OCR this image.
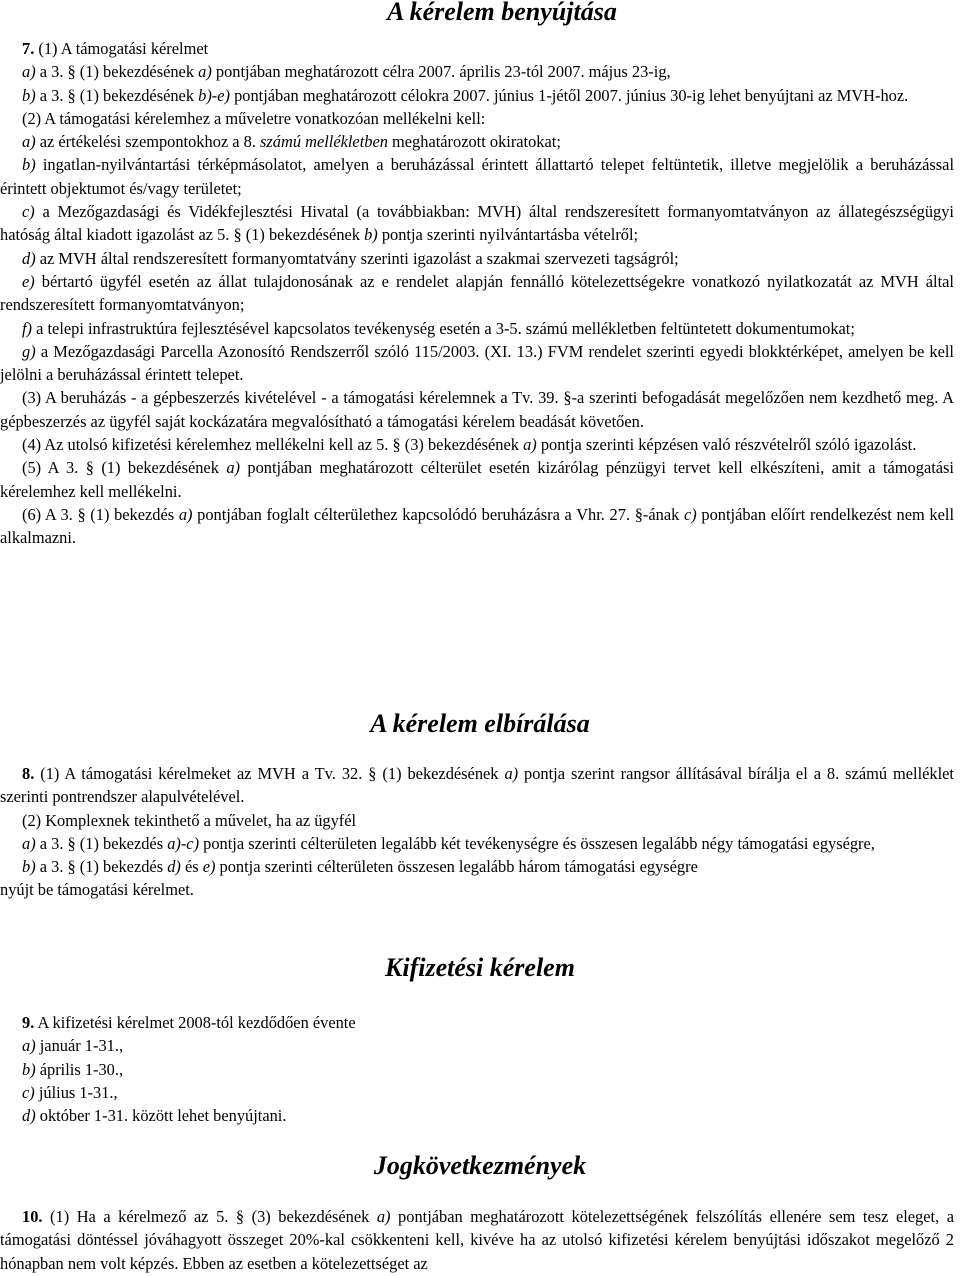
A kérelem benyújtása

7. (1) A támogatási kérelmet

a) a 3. § (1) bekezdésének a) pontjában meghatározott célra 2007. április 23-tól 2007. május 23-ig,

b) a 3. § (1) bekezdésének b)-e) pontjában meghatározott célokra 2007. június 1-jétől 2007. június 30-ig lehet benyújtani az MVH-hoz.

(2) A támogatási kérelemhez a műveletre vonatkozóan mellékelni kell:

a) az értékelési szempontokhoz a 8. számú mellékletben meghatározott okiratokat;

b) ingatlan-nyilvántartási térképmásolatot, amelyen a beruházással érintett állattartó telepet feltüntetik, illetve megjelölik a beruházással érintett objektumot és/vagy területet;

c) a Mezőgazdasági és Vidékfejlesztési Hivatal (a továbbiakban: MVH) által rendszeresített formanyomtatványon az állategészségügyi hatóság által kiadott igazolást az 5. § (1) bekezdésének b) pontja szerinti nyilvántartásba vételről;

d) az MVH által rendszeresített formanyomtatvány szerinti igazolást a szakmai szervezeti tagságról;

e) bértartó ügyfél esetén az állat tulajdonosának az e rendelet alapján fennálló kötelezettségekre vonatkozó nyilatkozatát az MVH által rendszeresített formanyomtatványon;

f) a telepi infrastruktúra fejlesztésével kapcsolatos tevékenység esetén a 3-5. számú mellékletben feltüntetett dokumentumokat;

g) a Mezőgazdasági Parcella Azonosító Rendszerről szóló 115/2003. (XI. 13.) FVM rendelet szerinti egyedi blokktérképet, amelyen be kell jelölni a beruházással érintett telepet.

(3) A beruházás - a gépbeszerzés kivételével - a támogatási kérelemnek a Tv. 39. §-a szerinti befogadását megelőzően nem kezdhető meg. A gépbeszerzés az ügyfél saját kockázatára megvalósítható a támogatási kérelem beadását követően.

(4) Az utolsó kifizetési kérelemhez mellékelni kell az 5. § (3) bekezdésének a) pontja szerinti képzésen való részvételről szóló igazolást.

(5) A 3. § (1) bekezdésének a) pontjában meghatározott célterület esetén kizárólag pénzügyi tervet kell elkészíteni, amit a támogatási kérelemhez kell mellékelni.

(6) A 3. § (1) bekezdés a) pontjában foglalt célterülethez kapcsolódó beruházásra a Vhr. 27. §-ának c) pontjában előírt rendelkezést nem kell alkalmazni.

A kérelem elbírálása

8. (1) A támogatási kérelmeket az MVH a Tv. 32. § (1) bekezdésének a) pontja szerint rangsor állításával bírálja el a 8. számú melléklet szerinti pontrendszer alapulvételével.

(2) Komplexnek tekinthető a művelet, ha az ügyfél

a) a 3. § (1) bekezdés a)-c) pontja szerinti célterületen legalább két tevékenységre és összesen legalább négy támogatási egységre,

b) a 3. § (1) bekezdés d) és e) pontja szerinti célterületen összesen legalább három támogatási egységre

nyújt be támogatási kérelmet.

Kifizetési kérelem

9. A kifizetési kérelmet 2008-tól kezdődően évente

a) január 1-31.,

b) április 1-30.,

c) július 1-31.,

d) október 1-31. között lehet benyújtani.

Jogkövetkezmények

10. (1) Ha a kérelmező az 5. § (3) bekezdésének a) pontjában meghatározott kötelezettségének felszólítás ellenére sem tesz eleget, a támogatási döntéssel jóváhagyott összeget 20%-kal csökkenteni kell, kivéve ha az utolsó kifizetési kérelem benyújtási időszakot megelőző 2 hónapban nem volt képzés. Ebben az esetben a kötelezettséget az
